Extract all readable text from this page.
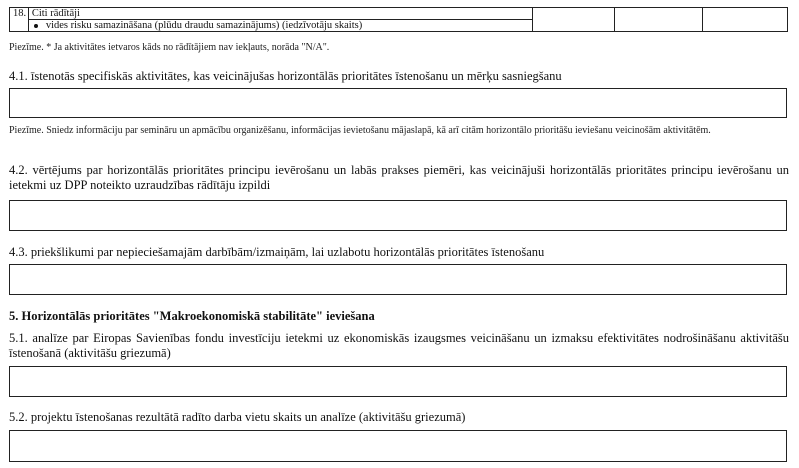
18.	Citi rādītāji			

vides risku samazināšana (plūdu draudu samazinājums) (iedzīvotāju skaits)
Piezīme. * Ja aktivitātes ietvaros kāds no rādītājiem nav iekļauts, norāda "N/A".
4.1. īstenotās specifiskās aktivitātes, kas veicinājušas horizontālās prioritātes īstenošanu un mērķu sasniegšanu
Piezīme. Sniedz informāciju par semināru un apmācību organizēšanu, informācijas ievietošanu mājaslapā, kā arī citām horizontālo prioritāšu ieviešanu veicinošām aktivitātēm.
4.2. vērtējums par horizontālās prioritātes principu ievērošanu un labās prakses piemēri, kas veicinājuši horizontālās prioritātes principu ievērošanu un ietekmi uz DPP noteikto uzraudzības rādītāju izpildi
4.3. priekšlikumi par nepieciešamajām darbībām/izmaiņām, lai uzlabotu horizontālās prioritātes īstenošanu
5. Horizontālās prioritātes "Makroekonomiskā stabilitāte" ieviešana
5.1. analīze par Eiropas Savienības fondu investīciju ietekmi uz ekonomiskās izaugsmes veicināšanu un izmaksu efektivitātes nodrošināšanu aktivitāšu īstenošanā (aktivitāšu griezumā)
5.2. projektu īstenošanas rezultātā radīto darba vietu skaits un analīze (aktivitāšu griezumā)
